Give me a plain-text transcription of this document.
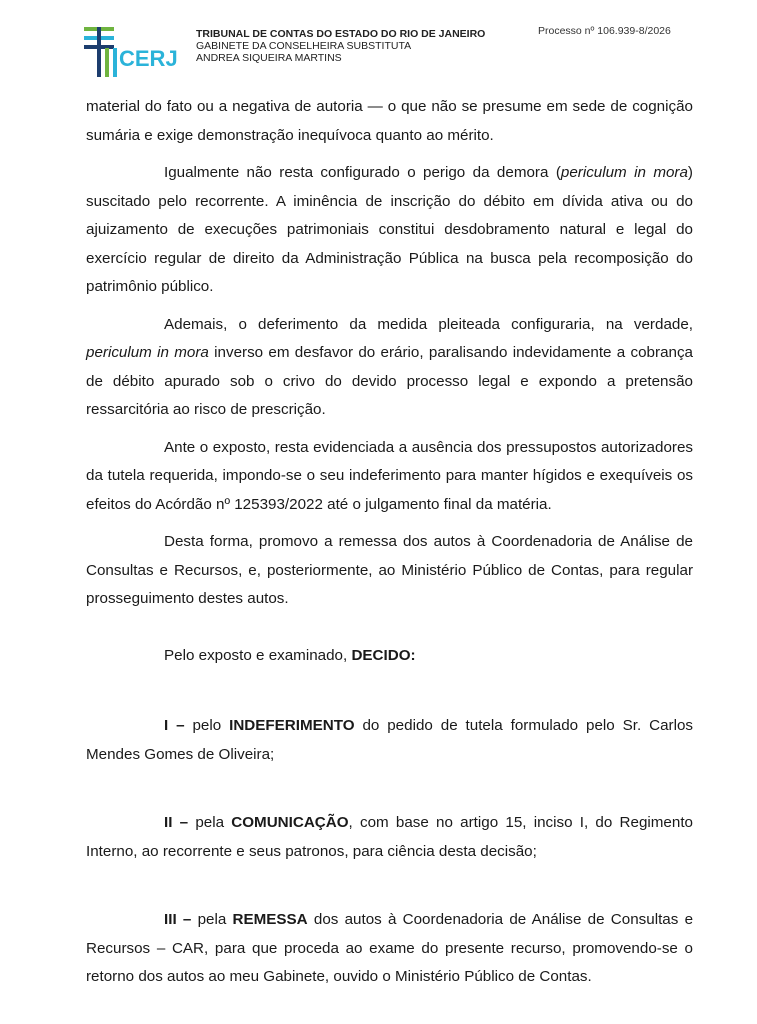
CERJ
TRIBUNAL DE CONTAS DO ESTADO DO RIO DE JANEIRO
GABINETE DA CONSELHEIRA SUBSTITUTA
ANDREA SIQUEIRA MARTINS
Processo nº 106.939-8/2026

material do fato ou a negativa de autoria — o que não se presume em sede de cognição sumária e exige demonstração inequívoca quanto ao mérito.

Igualmente não resta configurado o perigo da demora (periculum in mora) suscitado pelo recorrente. A iminência de inscrição do débito em dívida ativa ou do ajuizamento de execuções patrimoniais constitui desdobramento natural e legal do exercício regular de direito da Administração Pública na busca pela recomposição do patrimônio público.

Ademais, o deferimento da medida pleiteada configuraria, na verdade, periculum in mora inverso em desfavor do erário, paralisando indevidamente a cobrança de débito apurado sob o crivo do devido processo legal e expondo a pretensão ressarcitória ao risco de prescrição.

Ante o exposto, resta evidenciada a ausência dos pressupostos autorizadores da tutela requerida, impondo-se o seu indeferimento para manter hígidos e exequíveis os efeitos do Acórdão nº 125393/2022 até o julgamento final da matéria.

Desta forma, promovo a remessa dos autos à Coordenadoria de Análise de Consultas e Recursos, e, posteriormente, ao Ministério Público de Contas, para regular prosseguimento destes autos.

Pelo exposto e examinado, DECIDO:

I – pelo INDEFERIMENTO do pedido de tutela formulado pelo Sr. Carlos Mendes Gomes de Oliveira;

II – pela COMUNICAÇÃO, com base no artigo 15, inciso I, do Regimento Interno, ao recorrente e seus patronos, para ciência desta decisão;

III – pela REMESSA dos autos à Coordenadoria de Análise de Consultas e Recursos – CAR, para que proceda ao exame do presente recurso, promovendo-se o retorno dos autos ao meu Gabinete, ouvido o Ministério Público de Contas.
